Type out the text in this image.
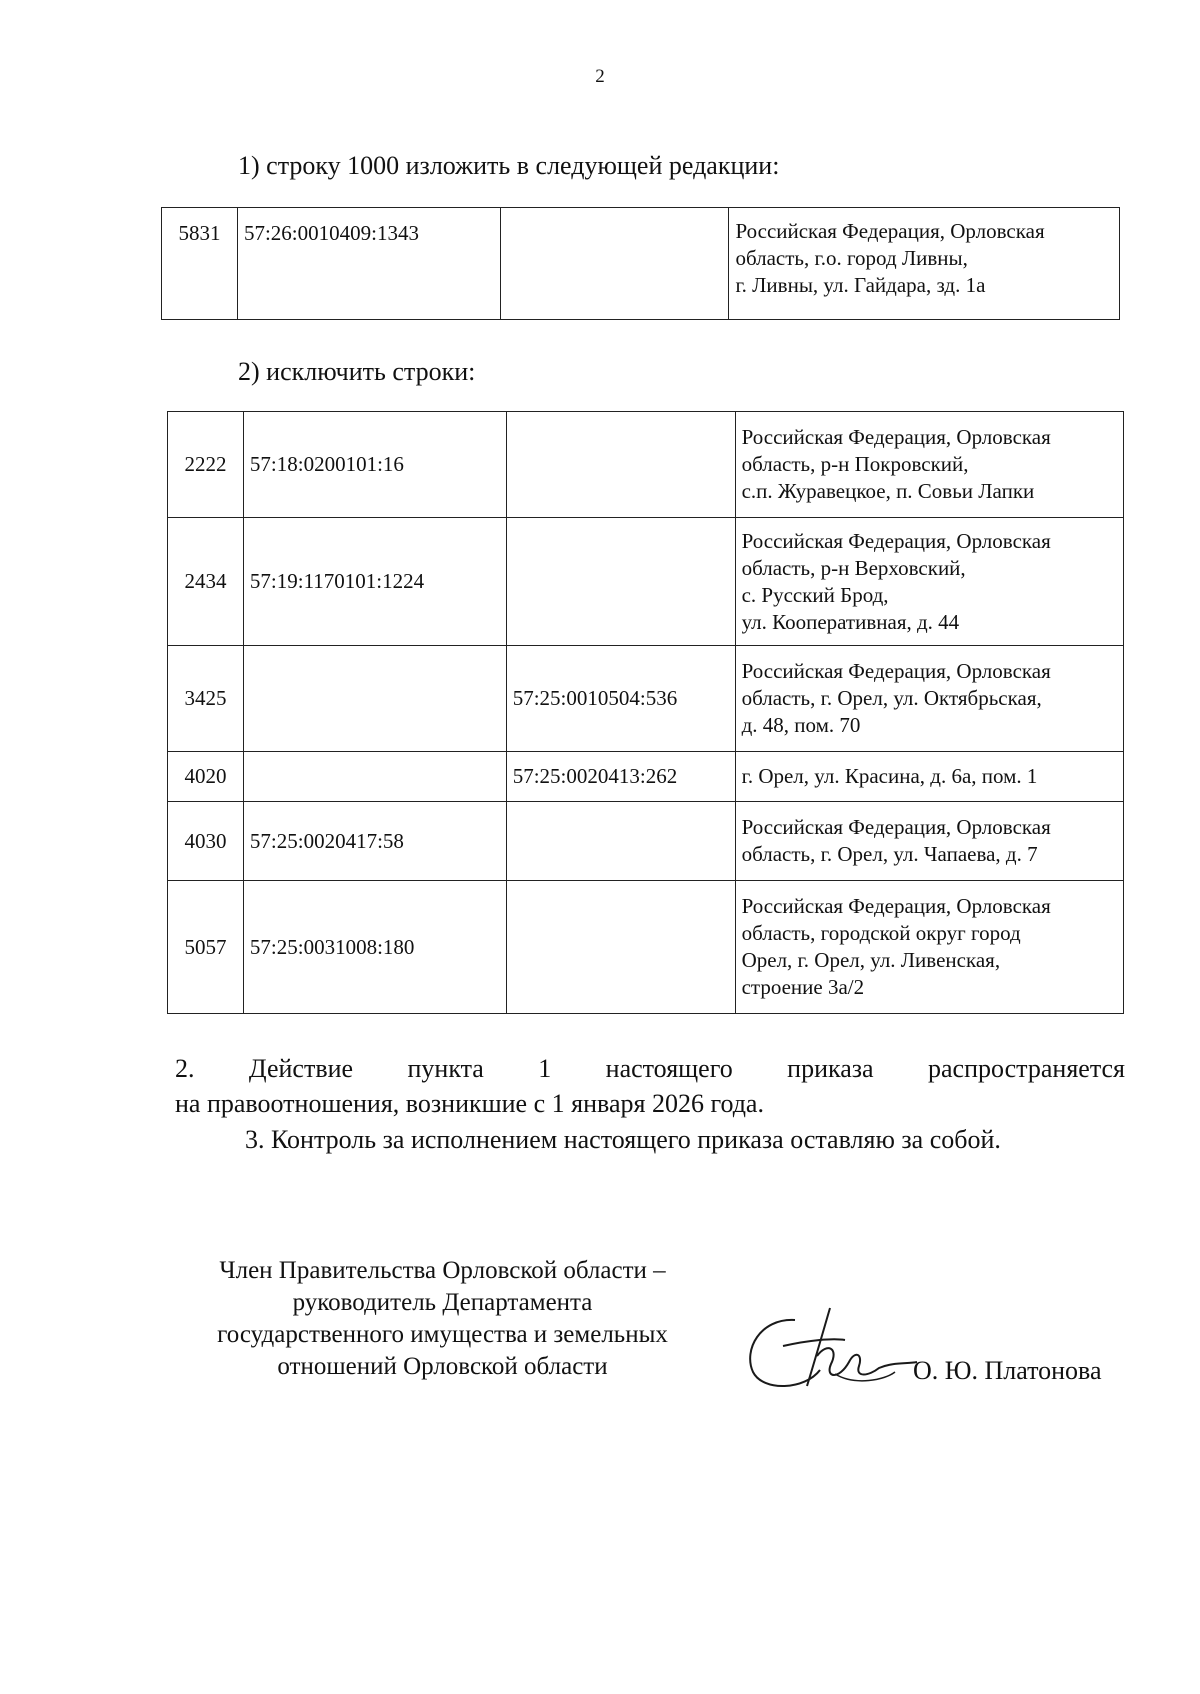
2
1) строку 1000 изложить в следующей редакции:
5831	57:26:0010409:1343		Российская Федерация, Орловская
область, г.о. город Ливны,
г. Ливны, ул. Гайдара, зд. 1а
2) исключить строки:
2222	57:18:0200101:16		Российская Федерация, Орловская
область, р-н Покровский,
с.п. Журавецкое, п. Совьи Лапки

2434	57:19:1170101:1224		Российская Федерация, Орловская
область, р-н Верховский,
с. Русский Брод,
ул. Кооперативная, д. 44

3425		57:25:0010504:536	Российская Федерация, Орловская
область, г. Орел, ул. Октябрьская,
д. 48, пом. 70

4020		57:25:0020413:262	г. Орел, ул. Красина, д. 6а, пом. 1

4030	57:25:0020417:58		Российская Федерация, Орловская
область, г. Орел, ул. Чапаева, д. 7

5057	57:25:0031008:180		Российская Федерация, Орловская
область, городской округ город
Орел, г. Орел, ул. Ливенская,
строение 3а/2
2. Действие пункта 1 настоящего приказа распространяется
на правоотношения, возникшие с 1 января 2026 года.
3. Контроль за исполнением настоящего приказа оставляю за собой.
Член Правительства Орловской области –
руководитель Департамента
государственного имущества и земельных
отношений Орловской области	О. Ю. Платонова
